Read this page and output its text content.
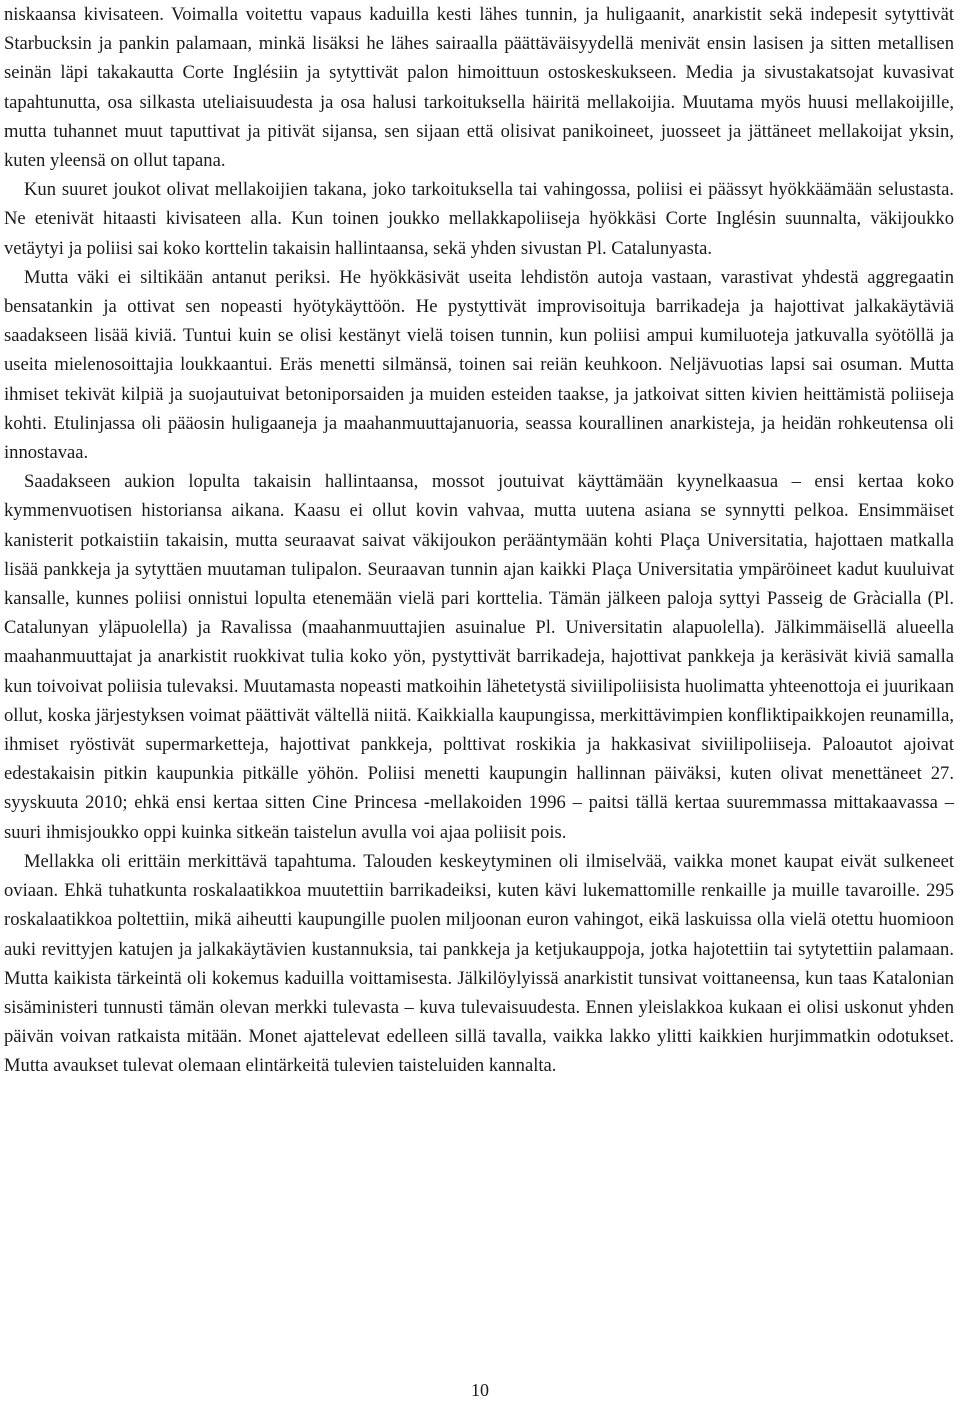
niskaansa kivisateen. Voimalla voitettu vapaus kaduilla kesti lähes tunnin, ja huligaanit, anarkistit sekä indepesit sytyttivät Starbucksin ja pankin palamaan, minkä lisäksi he lähes sairaalla päättäväisyydellä menivät ensin lasisen ja sitten metallisen seinän läpi takakautta Corte Inglésiin ja sytyttivät palon himoittuun ostoskeskukseen. Media ja sivustakatsojat kuvasivat tapahtunutta, osa silkasta uteliaisuudesta ja osa halusi tarkoituksella häiritä mellakoijia. Muutama myös huusi mellakoijille, mutta tuhannet muut taputtivat ja pitivät sijansa, sen sijaan että olisivat panikoineet, juosseet ja jättäneet mellakoijat yksin, kuten yleensä on ollut tapana.

Kun suuret joukot olivat mellakoijien takana, joko tarkoituksella tai vahingossa, poliisi ei päässyt hyökkäämään selustasta. Ne etenivät hitaasti kivisateen alla. Kun toinen joukko mellakkapoliiseja hyökkäsi Corte Inglésin suunnalta, väkijoukko vetäytyi ja poliisi sai koko korttelin takaisin hallintaansa, sekä yhden sivustan Pl. Catalunyasta.

Mutta väki ei siltikään antanut periksi. He hyökkäsivät useita lehdistön autoja vastaan, varastivat yhdestä aggregaatin bensatankin ja ottivat sen nopeasti hyötykäyttöön. He pystyttivät improvisoituja barrikadeja ja hajottivat jalkakäytäviä saadakseen lisää kiviä. Tuntui kuin se olisi kestänyt vielä toisen tunnin, kun poliisi ampui kumiluoteja jatkuvalla syötöllä ja useita mielenosoittajia loukkaantui. Eräs menetti silmänsä, toinen sai reiän keuhkoon. Neljävuotias lapsi sai osuman. Mutta ihmiset tekivät kilpiä ja suojautuivat betoniporsaiden ja muiden esteiden taakse, ja jatkoivat sitten kivien heittämistä poliiseja kohti. Etulinjassa oli pääosin huligaaneja ja maahanmuuttajanuoria, seassa kourallinen anarkisteja, ja heidän rohkeutensa oli innostavaa.

Saadakseen aukion lopulta takaisin hallintaansa, mossot joutuivat käyttämään kyynelkaasua – ensi kertaa koko kymmenvuotisen historiansa aikana. Kaasu ei ollut kovin vahvaa, mutta uutena asiana se synnytti pelkoa. Ensimmäiset kanisterit potkaistiin takaisin, mutta seuraavat saivat väkijoukon perääntymään kohti Plaça Universitatia, hajottaen matkalla lisää pankkeja ja sytyttäen muutaman tulipalon. Seuraavan tunnin ajan kaikki Plaça Universitatia ympäröineet kadut kuuluivat kansalle, kunnes poliisi onnistui lopulta etenemään vielä pari korttelia. Tämän jälkeen paloja syttyi Passeig de Gràcialla (Pl. Catalunyan yläpuolella) ja Ravalissa (maahanmuuttajien asuinalue Pl. Universitatin alapuolella). Jälkimmäisellä alueella maahanmuuttajat ja anarkistit ruokkivat tulia koko yön, pystyttivät barrikadeja, hajottivat pankkeja ja keräsivät kiviä samalla kun toivoivat poliisia tulevaksi. Muutamasta nopeasti matkoihin lähetetystä siviilipoliisista huolimatta yhteenottoja ei juurikaan ollut, koska järjestyksen voimat päättivät vältellä niitä. Kaikkialla kaupungissa, merkittävimpien konfliktipaikkojen reunamilla, ihmiset ryöstivät supermarketteja, hajottivat pankkeja, polttivat roskikia ja hakkasivat siviilipoliiseja. Paloautot ajoivat edestakaisin pitkin kaupunkia pitkälle yöhön. Poliisi menetti kaupungin hallinnan päiväksi, kuten olivat menettäneet 27. syyskuuta 2010; ehkä ensi kertaa sitten Cine Princesa -mellakoiden 1996 – paitsi tällä kertaa suuremmassa mittakaavassa – suuri ihmisjoukko oppi kuinka sitkeän taistelun avulla voi ajaa poliisit pois.

Mellakka oli erittäin merkittävä tapahtuma. Talouden keskeytyminen oli ilmiselvää, vaikka monet kaupat eivät sulkeneet oviaan. Ehkä tuhatkunta roskalaatikkoa muutettiin barrikadeiksi, kuten kävi lukemattomille renkaille ja muille tavaroille. 295 roskalaatikkoa poltettiin, mikä aiheutti kaupungille puolen miljoonan euron vahingot, eikä laskuissa olla vielä otettu huomioon auki revittyjen katujen ja jalkakäytävien kustannuksia, tai pankkeja ja ketjukauppoja, jotka hajotettiin tai sytytettiin palamaan. Mutta kaikista tärkeintä oli kokemus kaduilla voittamisesta. Jälkilöylyissä anarkistit tunsivat voittaneensa, kun taas Katalonian sisäministeri tunnusti tämän olevan merkki tulevasta – kuva tulevaisuudesta. Ennen yleislakkoa kukaan ei olisi uskonut yhden päivän voivan ratkaista mitään. Monet ajattelevat edelleen sillä tavalla, vaikka lakko ylitti kaikkien hurjimmatkin odotukset. Mutta avaukset tulevat olemaan elintärkeitä tulevien taisteluiden kannalta.

10
